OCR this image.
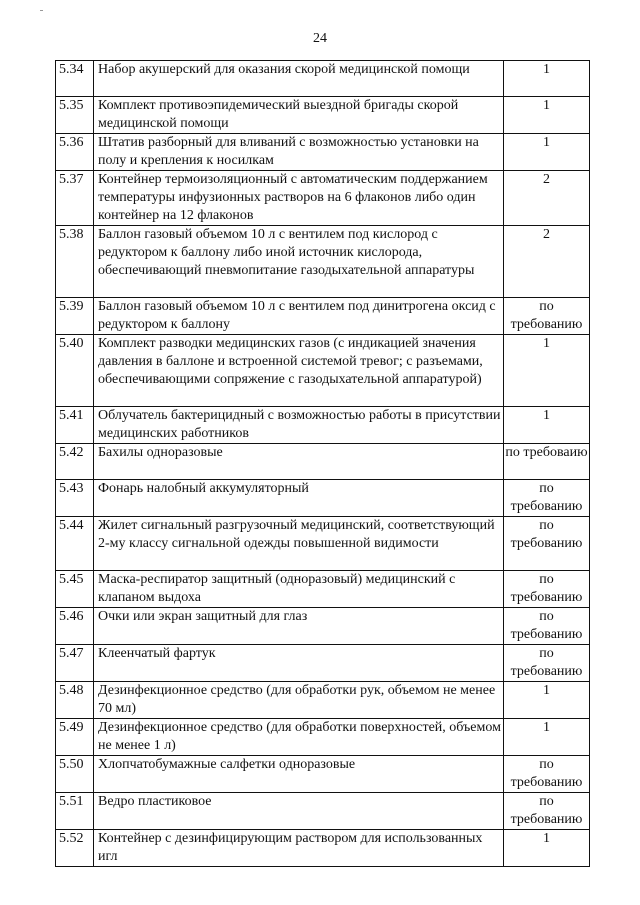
24
5.34	Набор акушерский для оказания скорой медицинской помощи	1
5.35	Комплект противоэпидемический выездной бригады скорой медицинской помощи	1
5.36	Штатив разборный для вливаний с возможностью установки на полу и крепления к носилкам	1
5.37	Контейнер термоизоляционный с автоматическим поддержанием температуры инфузионных растворов на 6 флаконов либо один контейнер на 12 флаконов	2
5.38	Баллон газовый объемом 10 л с вентилем под кислород с редуктором к баллону либо иной источник кислорода, обеспечивающий пневмопитание газодыхательной аппаратуры	2
5.39	Баллон газовый объемом 10 л с вентилем под динитрогена оксид с редуктором к баллону	по требованию
5.40	Комплект разводки медицинских газов (с индикацией значения давления в баллоне и встроенной системой тревог; с разъемами, обеспечивающими сопряжение с газодыхательной аппаратурой)	1
5.41	Облучатель бактерицидный с возможностью работы в присутствии медицинских работников	1
5.42	Бахилы одноразовые	по требоваию
5.43	Фонарь налобный аккумуляторный	по требованию
5.44	Жилет сигнальный разгрузочный медицинский, соответствующий 2-му классу сигнальной одежды повышенной видимости	по требованию
5.45	Маска-респиратор защитный (одноразовый) медицинский с клапаном выдоха	по требованию
5.46	Очки или экран защитный для глаз	по требованию
5.47	Клеенчатый фартук	по требованию
5.48	Дезинфекционное средство (для обработки рук, объемом не менее 70 мл)	1
5.49	Дезинфекционное средство (для обработки поверхностей, объемом не менее 1 л)	1
5.50	Хлопчатобумажные салфетки одноразовые	по требованию
5.51	Ведро пластиковое	по требованию
5.52	Контейнер с дезинфицирующим раствором для использованных игл	1
